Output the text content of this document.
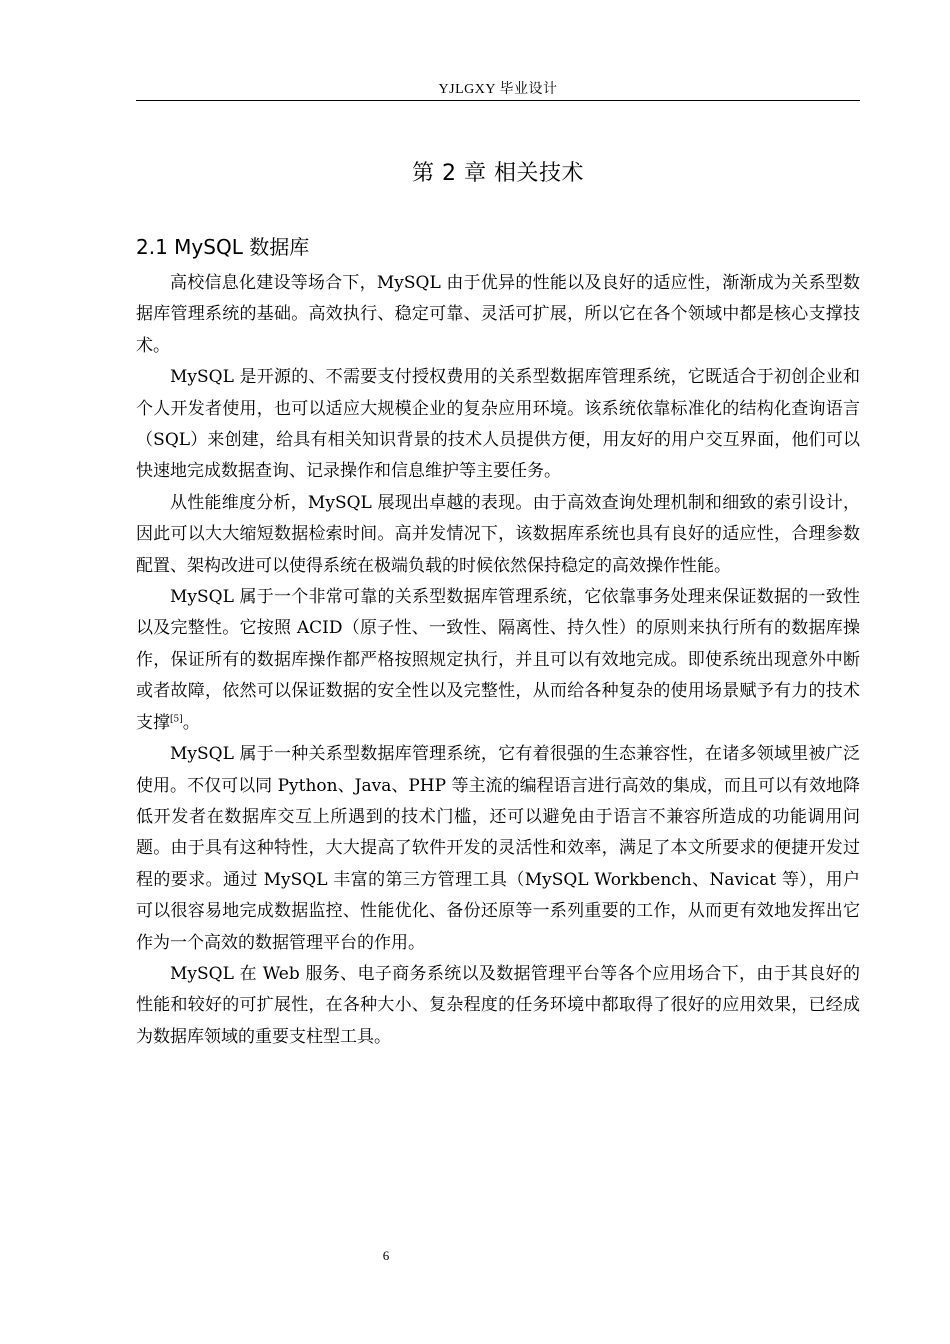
YJLGXY 毕业设计
第 2 章 相关技术
2.1 MySQL 数据库

高校信息化建设等场合下，MySQL 由于优异的性能以及良好的适应性，渐渐成为关系型数据库管理系统的基础。高效执行、稳定可靠、灵活可扩展，所以它在各个领域中都是核心支撑技术。

MySQL 是开源的、不需要支付授权费用的关系型数据库管理系统，它既适合于初创企业和个人开发者使用，也可以适应大规模企业的复杂应用环境。该系统依靠标准化的结构化查询语言（SQL）来创建，给具有相关知识背景的技术人员提供方便，用友好的用户交互界面，他们可以快速地完成数据查询、记录操作和信息维护等主要任务。

从性能维度分析，MySQL 展现出卓越的表现。由于高效查询处理机制和细致的索引设计，因此可以大大缩短数据检索时间。高并发情况下，该数据库系统也具有良好的适应性，合理参数配置、架构改进可以使得系统在极端负载的时候依然保持稳定的高效操作性能。

MySQL 属于一个非常可靠的关系型数据库管理系统，它依靠事务处理来保证数据的一致性以及完整性。它按照 ACID（原子性、一致性、隔离性、持久性）的原则来执行所有的数据库操作，保证所有的数据库操作都严格按照规定执行，并且可以有效地完成。即使系统出现意外中断或者故障，依然可以保证数据的安全性以及完整性，从而给各种复杂的使用场景赋予有力的技术支撑[5]。

MySQL 属于一种关系型数据库管理系统，它有着很强的生态兼容性，在诸多领域里被广泛使用。不仅可以同 Python、Java、PHP 等主流的编程语言进行高效的集成，而且可以有效地降低开发者在数据库交互上所遇到的技术门槛，还可以避免由于语言不兼容所造成的功能调用问题。由于具有这种特性，大大提高了软件开发的灵活性和效率，满足了本文所要求的便捷开发过程的要求。通过 MySQL 丰富的第三方管理工具（MySQL Workbench、Navicat 等），用户可以很容易地完成数据监控、性能优化、备份还原等一系列重要的工作，从而更有效地发挥出它作为一个高效的数据管理平台的作用。

MySQL 在 Web 服务、电子商务系统以及数据管理平台等各个应用场合下，由于其良好的性能和较好的可扩展性，在各种大小、复杂程度的任务环境中都取得了很好的应用效果，已经成为数据库领域的重要支柱型工具。

6
